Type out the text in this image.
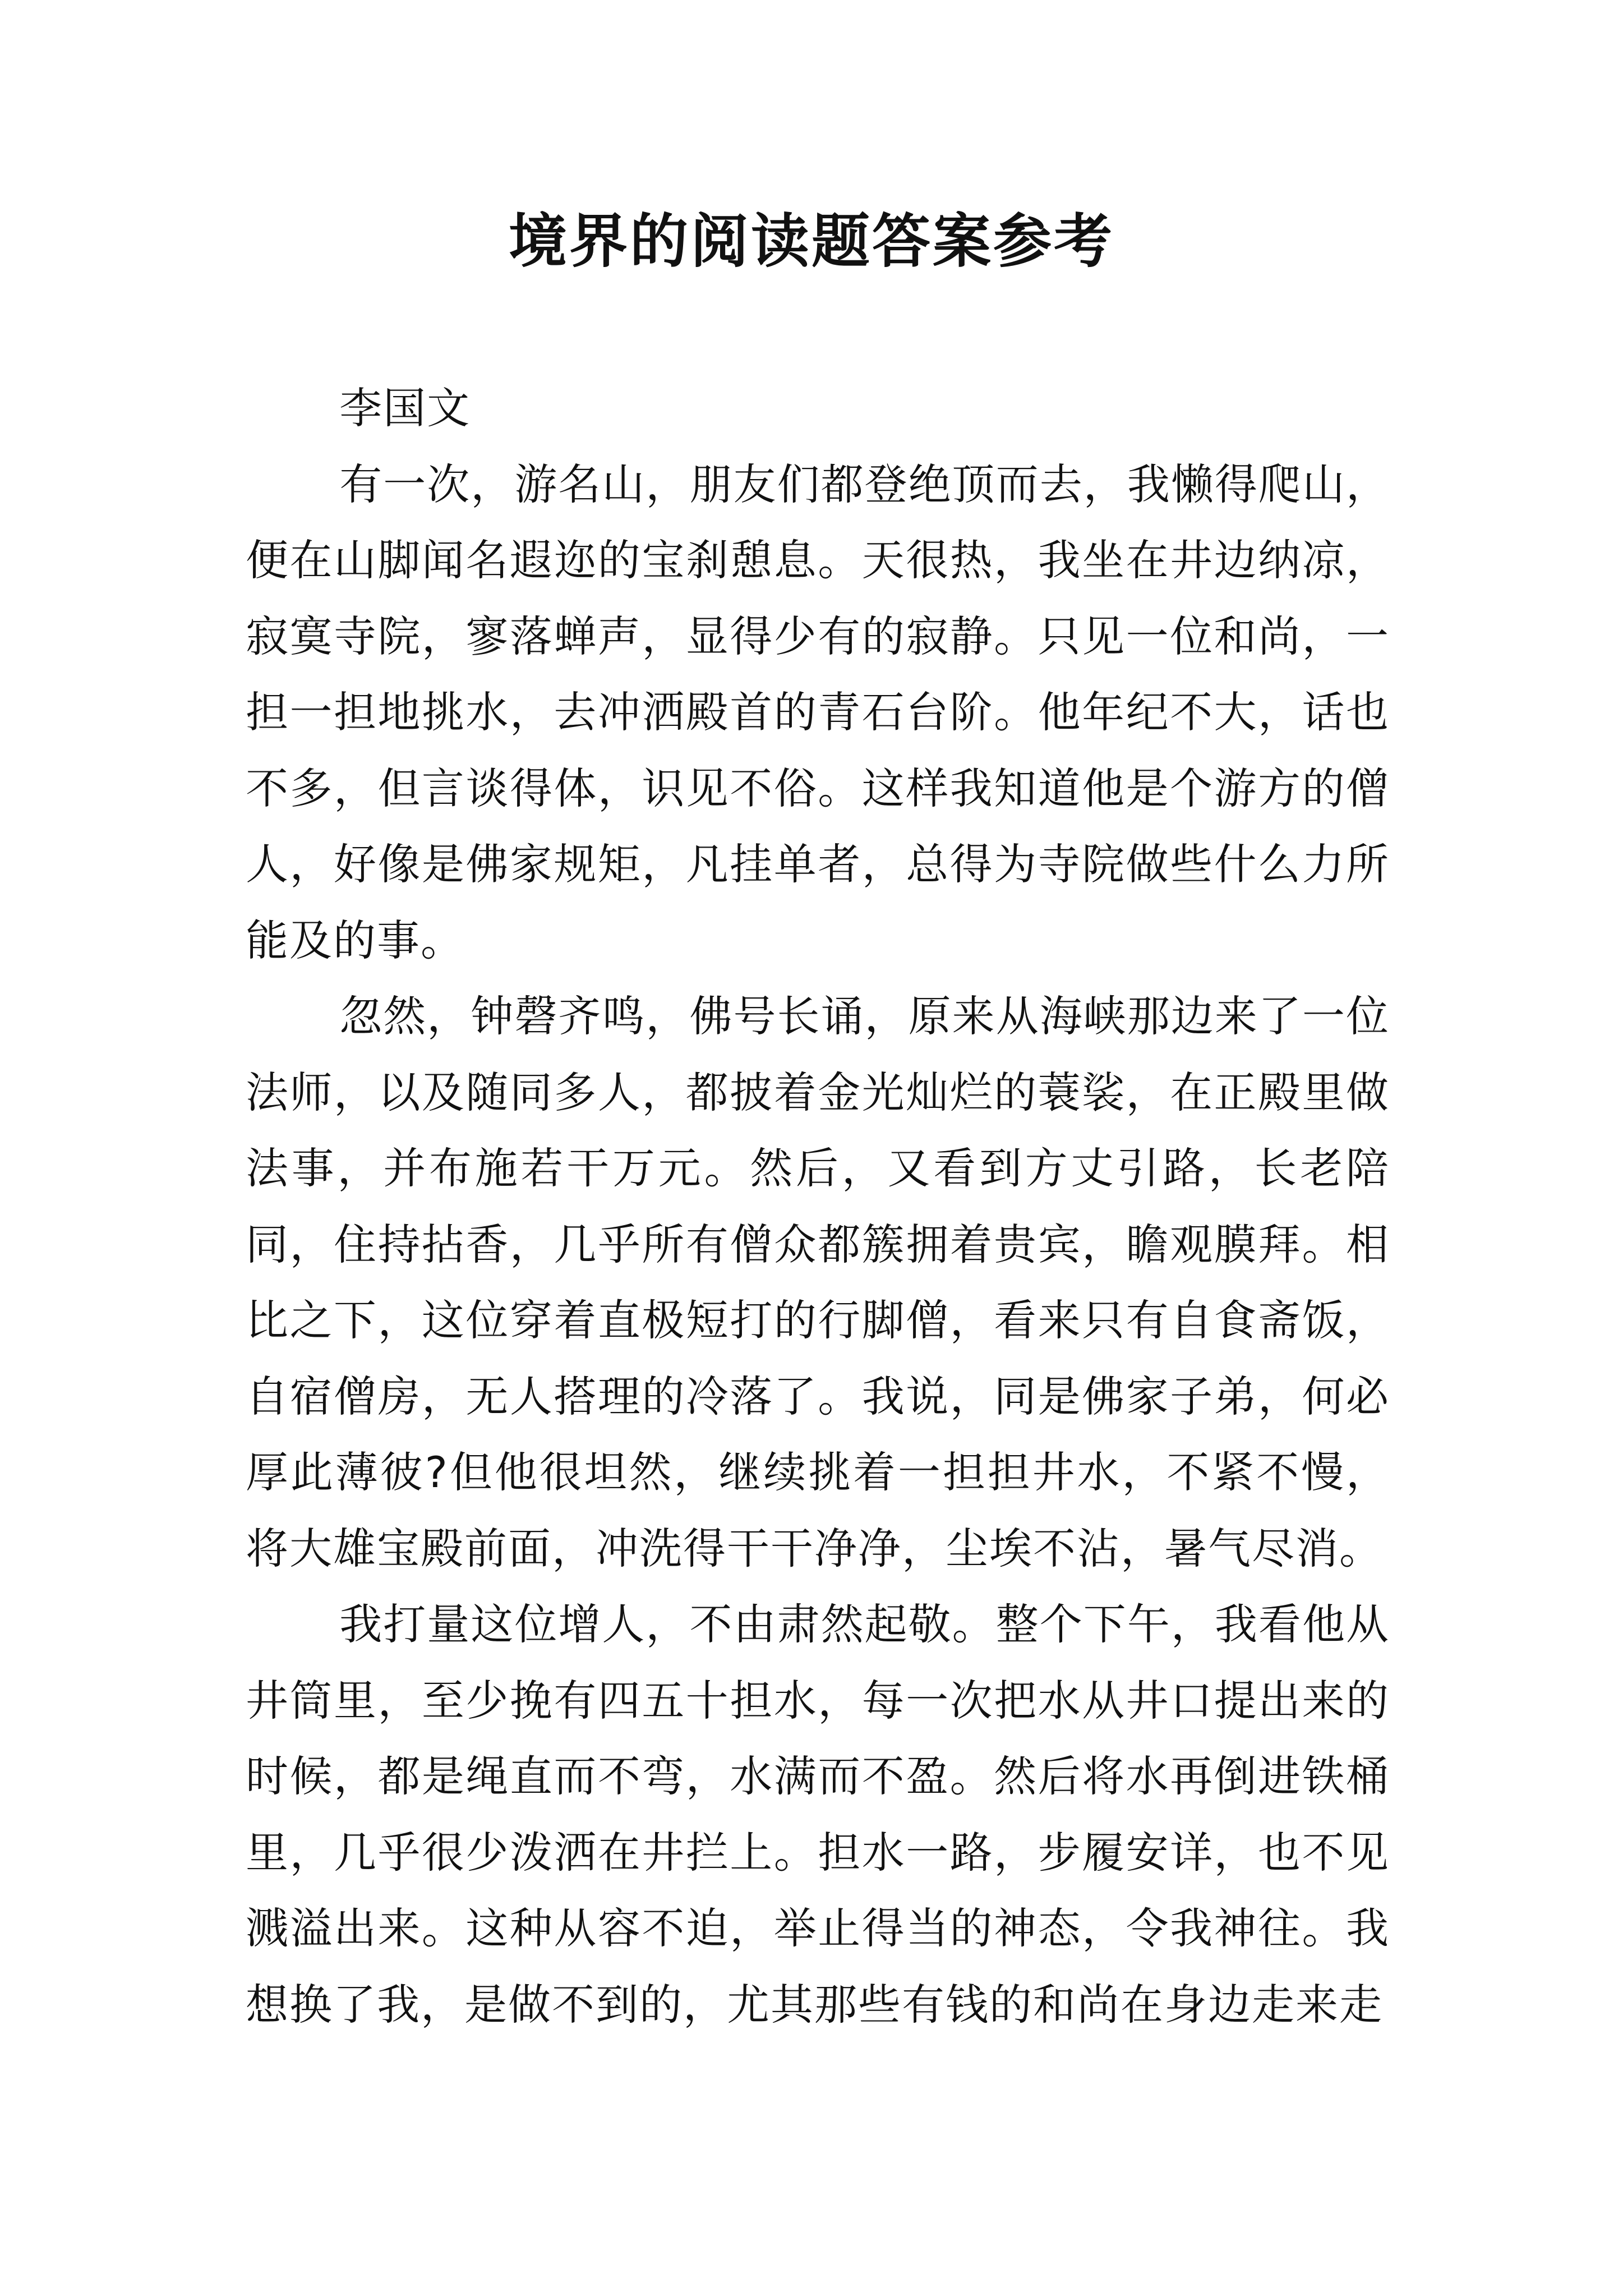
境界的阅读题答案参考

李国文

有一次，游名山，朋友们都登绝顶而去，我懒得爬山，便在山脚闻名遐迩的宝刹憩息。天很热，我坐在井边纳凉，寂寞寺院，寥落蝉声，显得少有的寂静。只见一位和尚，一担一担地挑水，去冲洒殿首的青石台阶。他年纪不大，话也不多，但言谈得体，识见不俗。这样我知道他是个游方的僧人，好像是佛家规矩，凡挂单者，总得为寺院做些什么力所能及的事。

忽然，钟磬齐鸣，佛号长诵，原来从海峡那边来了一位法师，以及随同多人，都披着金光灿烂的蓑裟，在正殿里做法事，并布施若干万元。然后，又看到方丈引路，长老陪同，住持拈香，几乎所有僧众都簇拥着贵宾，瞻观膜拜。相比之下，这位穿着直极短打的行脚僧，看来只有自食斋饭，自宿僧房，无人搭理的冷落了。我说，同是佛家子弟，何必厚此薄彼?但他很坦然，继续挑着一担担井水，不紧不慢，将大雄宝殿前面，冲洗得干干净净，尘埃不沾，暑气尽消。

我打量这位增人，不由肃然起敬。整个下午，我看他从井筒里，至少挽有四五十担水，每一次把水从井口提出来的时候，都是绳直而不弯，水满而不盈。然后将水再倒进铁桶里，几乎很少泼洒在井拦上。担水一路，步履安详，也不见溅溢出来。这种从容不迫，举止得当的神态，令我神往。我想换了我，是做不到的，尤其那些有钱的和尚在身边走来走
